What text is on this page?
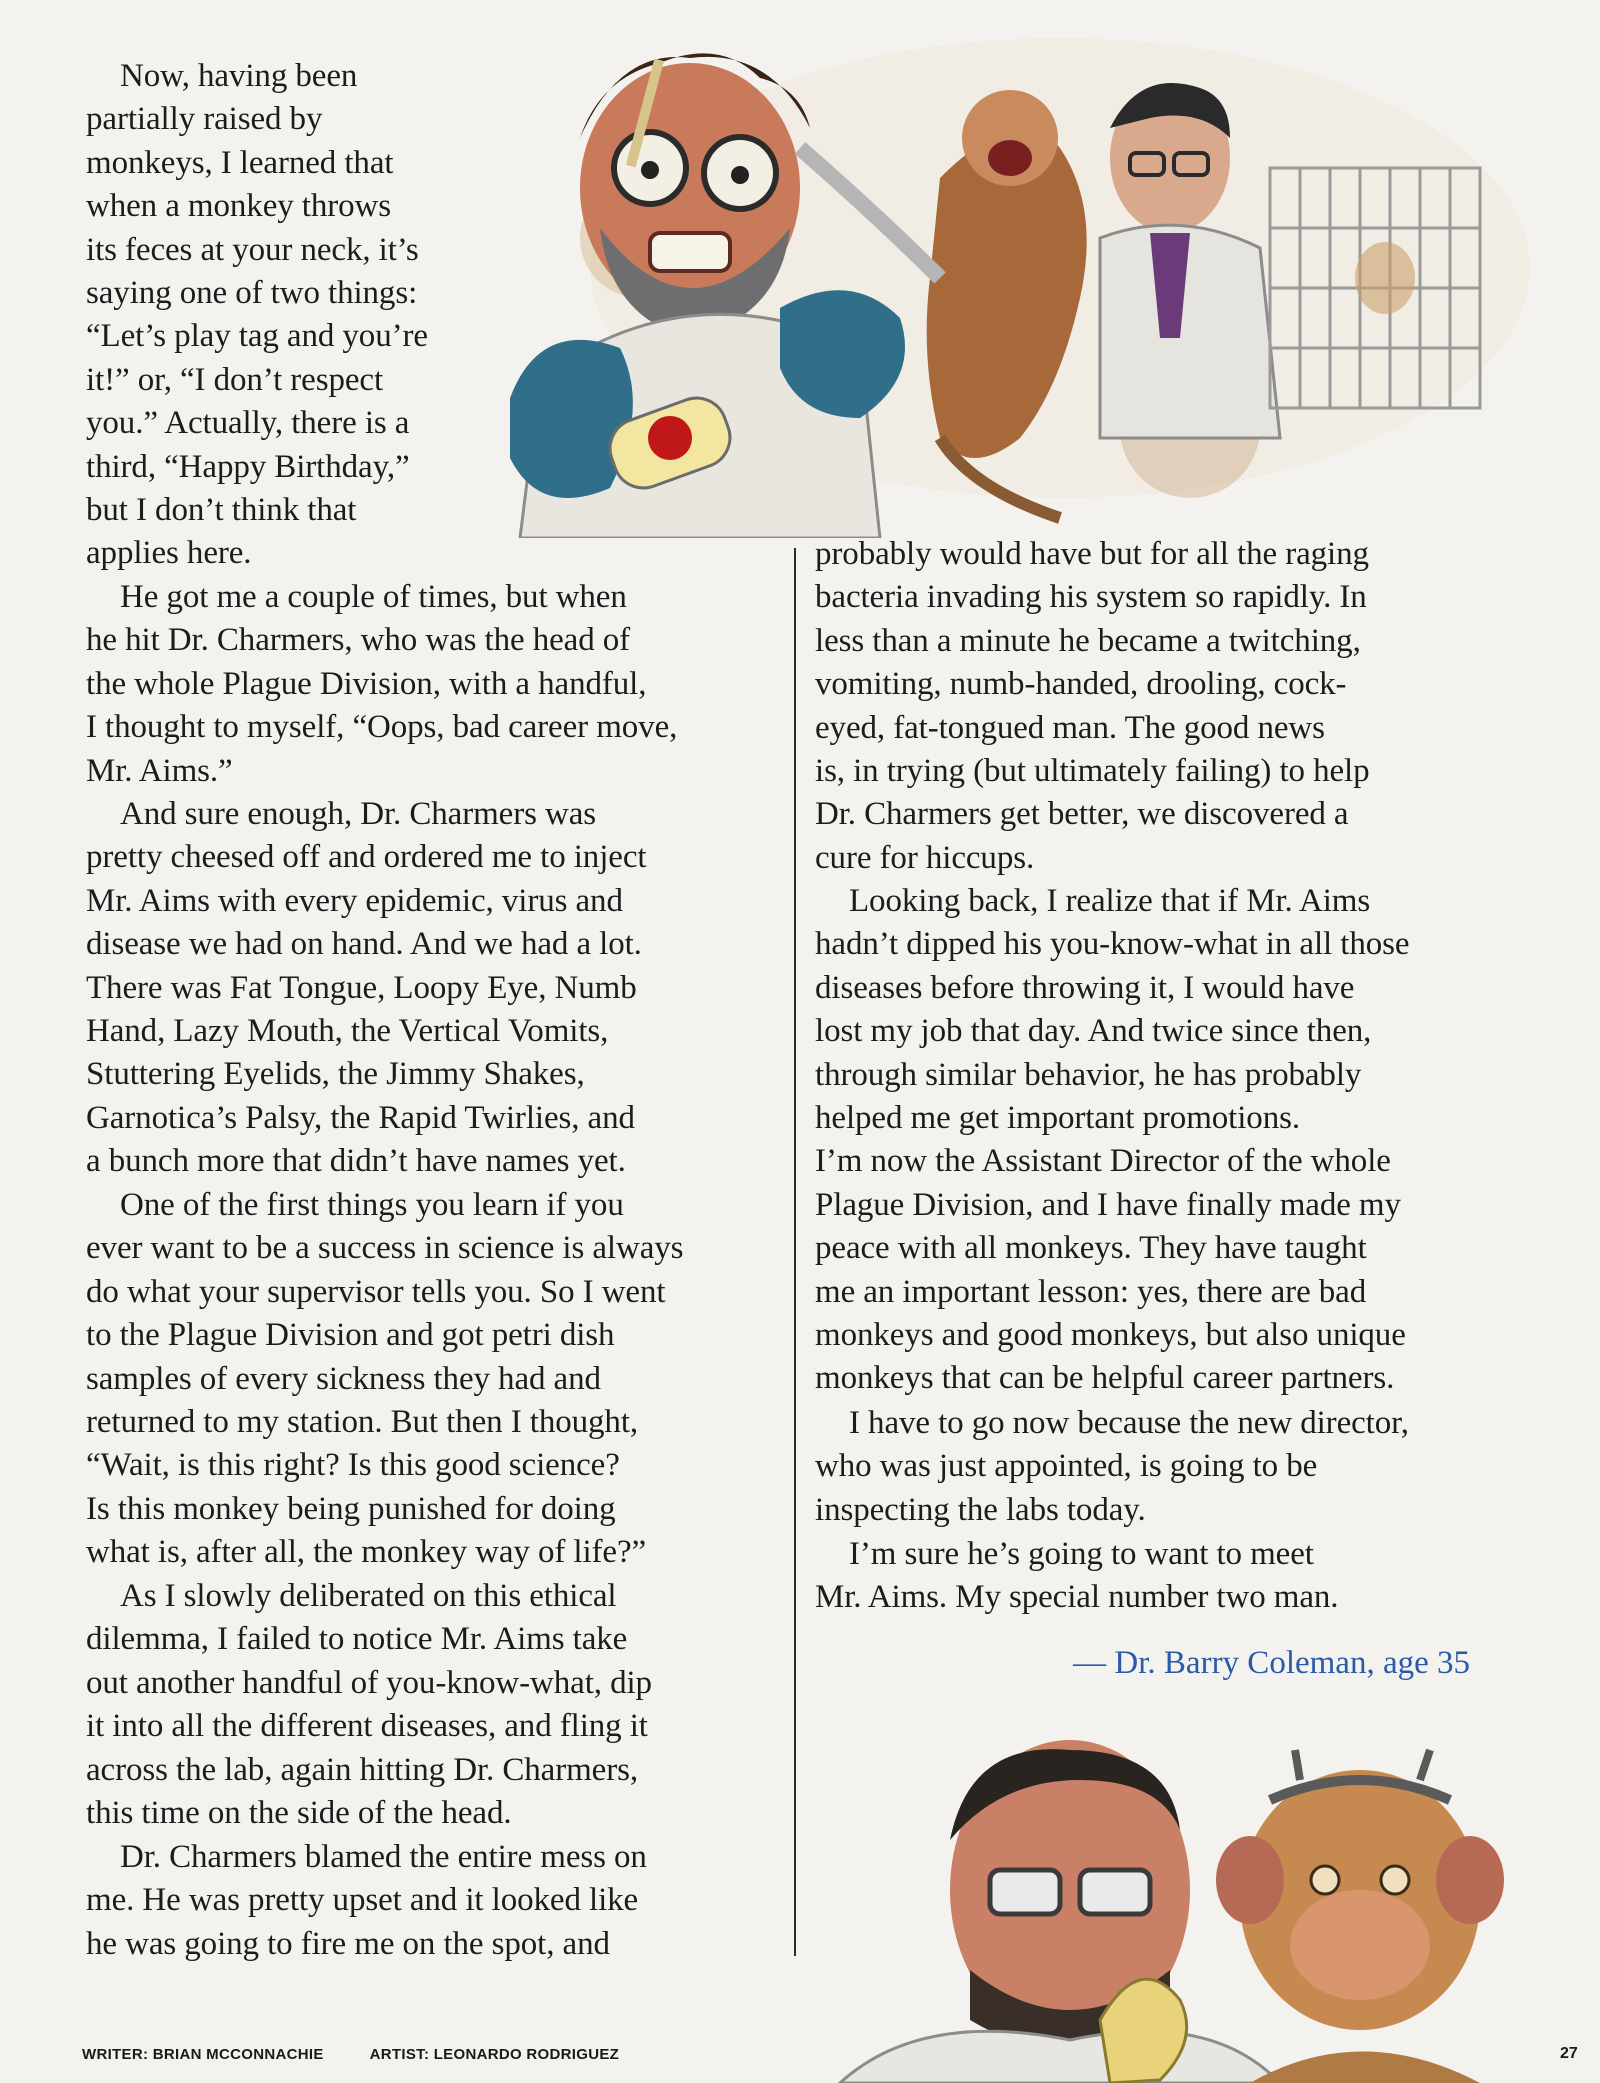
Now, having been
partially raised by
monkeys, I learned that
when a monkey throws
its feces at your neck, it’s
saying one of two things:
“Let’s play tag and you’re
it!” or, “I don’t respect
you.” Actually, there is a
third, “Happy Birthday,”
but I don’t think that
applies here.

He got me a couple of times, but when
he hit Dr. Charmers, who was the head of
the whole Plague Division, with a handful,
I thought to myself, “Oops, bad career move,
Mr. Aims.”

And sure enough, Dr. Charmers was
pretty cheesed off and ordered me to inject
Mr. Aims with every epidemic, virus and
disease we had on hand. And we had a lot.
There was Fat Tongue, Loopy Eye, Numb
Hand, Lazy Mouth, the Vertical Vomits,
Stuttering Eyelids, the Jimmy Shakes,
Garnotica’s Palsy, the Rapid Twirlies, and
a bunch more that didn’t have names yet.

One of the first things you learn if you
ever want to be a success in science is always
do what your supervisor tells you. So I went
to the Plague Division and got petri dish
samples of every sickness they had and
returned to my station. But then I thought,
“Wait, is this right? Is this good science?
Is this monkey being punished for doing
what is, after all, the monkey way of life?”

As I slowly deliberated on this ethical
dilemma, I failed to notice Mr. Aims take
out another handful of you-know-what, dip
it into all the different diseases, and fling it
across the lab, again hitting Dr. Charmers,
this time on the side of the head.

Dr. Charmers blamed the entire mess on
me. He was pretty upset and it looked like
he was going to fire me on the spot, and

probably would have but for all the raging
bacteria invading his system so rapidly. In
less than a minute he became a twitching,
vomiting, numb-handed, drooling, cock-
eyed, fat-tongued man. The good news
is, in trying (but ultimately failing) to help
Dr. Charmers get better, we discovered a
cure for hiccups.

Looking back, I realize that if Mr. Aims
hadn’t dipped his you-know-what in all those
diseases before throwing it, I would have
lost my job that day. And twice since then,
through similar behavior, he has probably
helped me get important promotions.
I’m now the Assistant Director of the whole
Plague Division, and I have finally made my
peace with all monkeys. They have taught
me an important lesson: yes, there are bad
monkeys and good monkeys, but also unique
monkeys that can be helpful career partners.

I have to go now because the new director,
who was just appointed, is going to be
inspecting the labs today.

I’m sure he’s going to want to meet
Mr. Aims. My special number two man.

— Dr. Barry Coleman, age 35
WRITER: BRIAN MCCONNACHIE	ARTIST: LEONARDO RODRIGUEZ	27
